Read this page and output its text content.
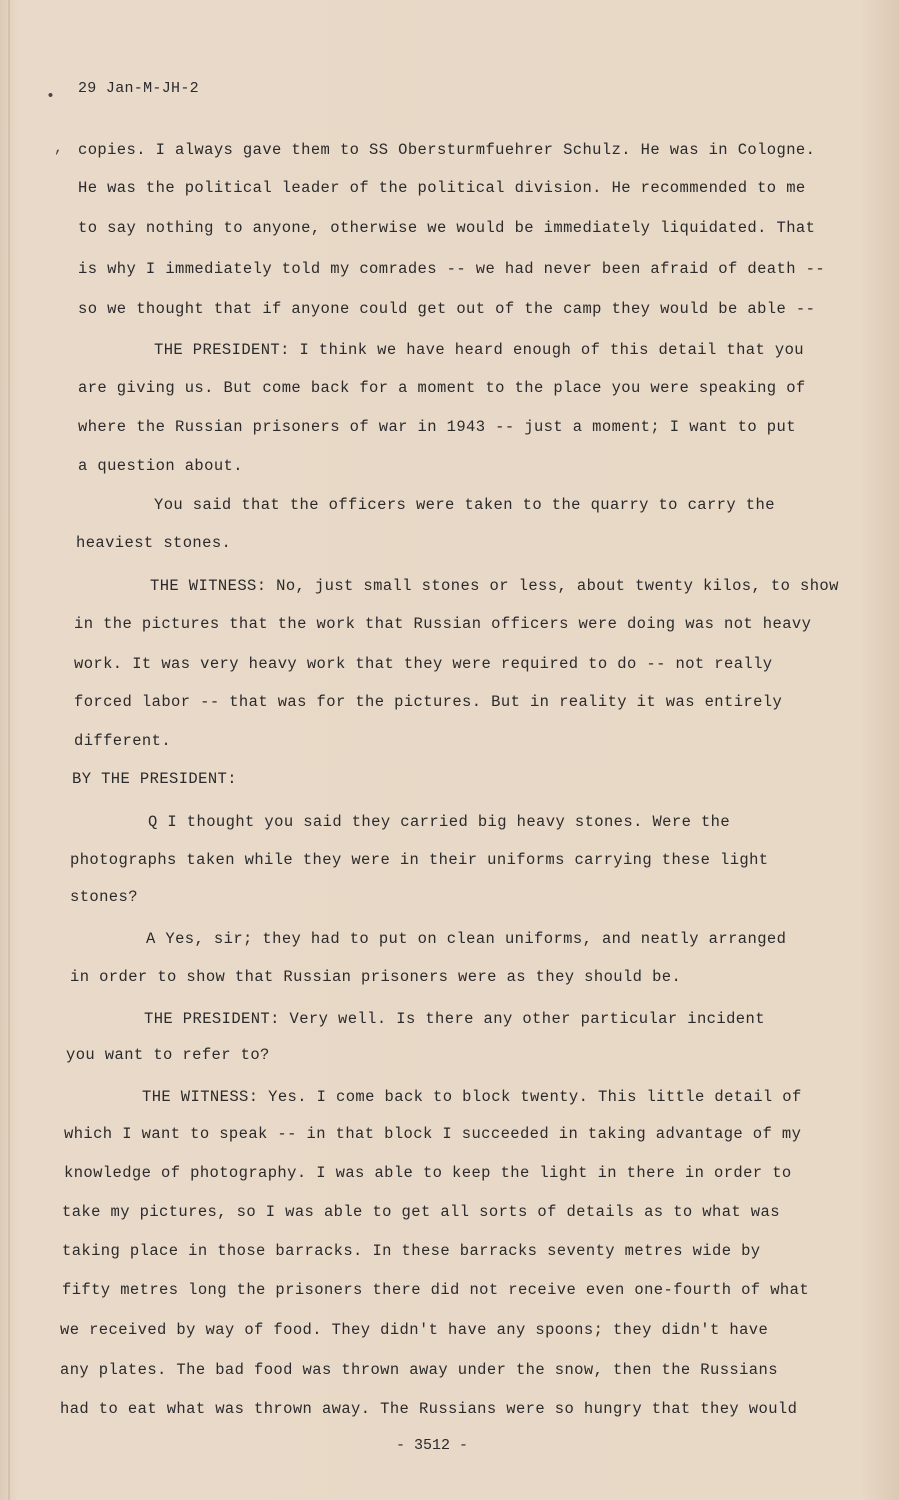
•
,
29 Jan-M-JH-2
copies. I always gave them to SS Obersturmfuehrer Schulz. He was in Cologne.
He was the political leader of the political division. He recommended to me
to say nothing to anyone, otherwise we would be immediately liquidated. That
is why I immediately told my comrades -- we had never been afraid of death --
so we thought that if anyone could get out of the camp they would be able --
THE PRESIDENT: I think we have heard enough of this detail that you
are giving us. But come back for a moment to the place you were speaking of
where the Russian prisoners of war in 1943 -- just a moment; I want to put
a question about.
You said that the officers were taken to the quarry to carry the
heaviest stones.
THE WITNESS: No, just small stones or less, about twenty kilos, to show
in the pictures that the work that Russian officers were doing was not heavy
work. It was very heavy work that they were required to do -- not really
forced labor -- that was for the pictures. But in reality it was entirely
different.
BY THE PRESIDENT:
Q I thought you said they carried big heavy stones. Were the
photographs taken while they were in their uniforms carrying these light
stones?
A Yes, sir; they had to put on clean uniforms, and neatly arranged
in order to show that Russian prisoners were as they should be.
THE PRESIDENT: Very well. Is there any other particular incident
you want to refer to?
THE WITNESS: Yes. I come back to block twenty. This little detail of
which I want to speak -- in that block I succeeded in taking advantage of my
knowledge of photography. I was able to keep the light in there in order to
take my pictures, so I was able to get all sorts of details as to what was
taking place in those barracks. In these barracks seventy metres wide by
fifty metres long the prisoners there did not receive even one-fourth of what
we received by way of food. They didn't have any spoons; they didn't have
any plates. The bad food was thrown away under the snow, then the Russians
had to eat what was thrown away. The Russians were so hungry that they would
- 3512 -
